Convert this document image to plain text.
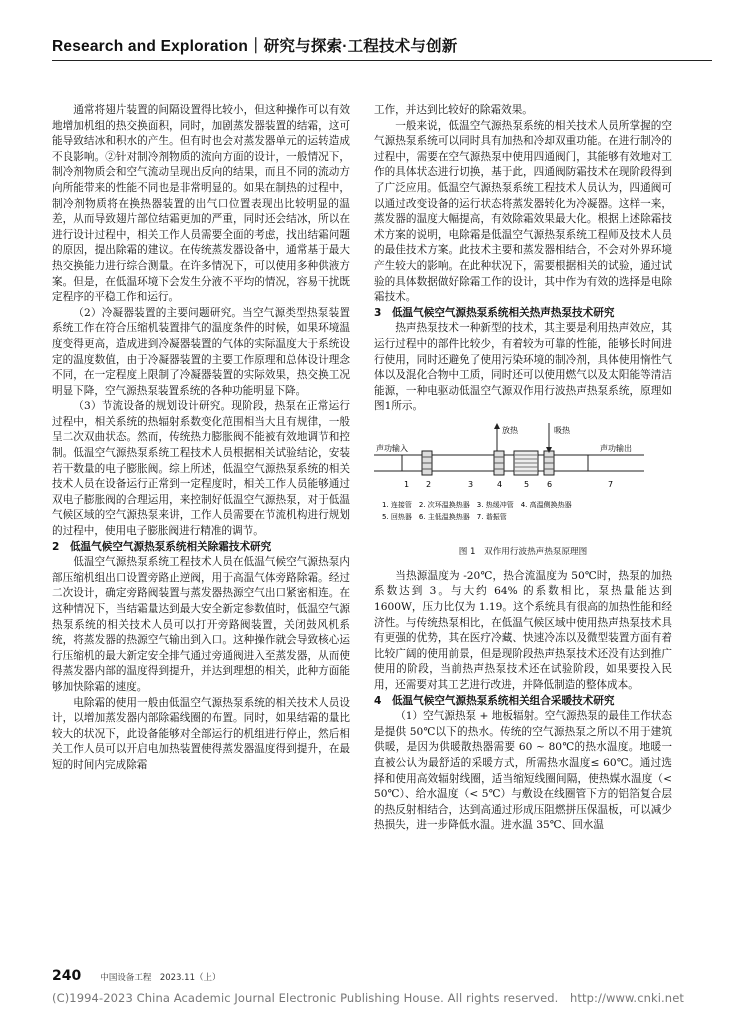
Research and Exploration｜研究与探索·工程技术与创新

通常将翅片装置的间隔设置得比较小，但这种操作可以有效地增加机组的热交换面积，同时，加剧蒸发器装置的结霜，这可能导致结冰和积水的产生。但有时也会对蒸发器单元的运转造成不良影响。②针对制冷剂物质的流向方面的设计，一般情况下，制冷剂物质会和空气流动呈现出反向的结果，而且不同的流动方向所能带来的性能不同也是非常明显的。如果在制热的过程中，制冷剂物质将在换热器装置的出气口位置表现出比较明显的温差，从而导致翅片部位结霜更加的严重，同时还会结冰，所以在进行设计过程中，相关工作人员需要全面的考虑，找出结霜问题的原因，提出除霜的建议。在传统蒸发器设备中，通常基于最大热交换能力进行综合测量。在许多情况下，可以使用多种供液方案。但是，在低温环境下会发生分液不平均的情况，容易干扰既定程序的平稳工作和运行。

（2）冷凝器装置的主要问题研究。当空气源类型热泵装置系统工作在符合压缩机装置排气的温度条件的时候，如果环境温度变得更高，造成进到冷凝器装置的气体的实际温度大于系统设定的温度数值，由于冷凝器装置的主要工作原理和总体设计理念不同，在一定程度上限制了冷凝器装置的实际效果，热交换工况明显下降，空气源热泵装置系统的各种功能明显下降。

（3）节流设备的规划设计研究。现阶段，热泵在正常运行过程中，相关系统的热辐射系数变化范围相当大且有规律，一般呈二次双曲状态。然而，传统热力膨胀阀不能被有效地调节和控制。低温空气源热泵系统工程技术人员根据相关试验结论，安装若干数量的电子膨胀阀。综上所述，低温空气源热泵系统的相关技术人员在设备运行正常到一定程度时，相关工作人员能够通过双电子膨胀阀的合理运用，来控制好低温空气源热泵，对于低温气候区域的空气源热泵来讲，工作人员需要在节流机构进行规划的过程中，使用电子膨胀阀进行精准的调节。

2　低温气候空气源热泵系统相关除霜技术研究

低温空气源热泵系统工程技术人员在低温气候空气源热泵内部压缩机组出口设置旁路止逆阀，用于高温气体旁路除霜。经过二次设计，确定旁路阀装置与蒸发器热源空气出口紧密相连。在这种情况下，当结霜量达到最大安全新定参数值时，低温空气源热泵系统的相关技术人员可以打开旁路阀装置，关闭鼓风机系统，将蒸发器的热源空气输出到入口。这种操作就会导致核心运行压缩机的最大新定安全排气通过旁通阀进入至蒸发器，从而使得蒸发器内部的温度得到提升，并达到理想的相关，此种方面能够加快除霜的速度。

电除霜的使用一般由低温空气源热泵系统的相关技术人员设计，以增加蒸发器内部除霜线圈的布置。同时，如果结霜的量比较大的状况下，此设备能够对全部运行的机组进行停止，然后相关工作人员可以开启电加热装置使得蒸发器温度得到提升，在最短的时间内完成除霜

工作，并达到比较好的除霜效果。

一般来说，低温空气源热泵系统的相关技术人员所掌握的空气源热泵系统可以同时具有加热和冷却双重功能。在进行制冷的过程中，需要在空气源热泵中使用四通阀门，其能够有效地对工作的具体状态进行切换，基于此，四通阀防霜技术在现阶段得到了广泛应用。低温空气源热泵系统工程技术人员认为，四通阀可以通过改变设备的运行状态将蒸发器转化为冷凝器。这样一来，蒸发器的温度大幅提高，有效除霜效果最大化。根据上述除霜技术方案的说明，电除霜是低温空气源热泵系统工程师及技术人员的最佳技术方案。此技术主要和蒸发器相结合，不会对外界环境产生较大的影响。在此种状况下，需要根据相关的试验，通过试验的具体数据做好除霜工作的设计，其中作为有效的选择是电除霜技术。

3　低温气候空气源热泵系统相关热声热泵技术研究

热声热泵技术一种新型的技术，其主要是利用热声效应，其运行过程中的部件比较少，有着较为可靠的性能，能够长时间进行使用，同时还避免了使用污染环境的制冷剂，具体使用惰性气体以及混化合物中工质，同时还可以使用燃气以及太阳能等清洁能源，一种电驱动低温空气源双作用行波热声热泵系统，原理如图1所示。

放热	吸热
声功输入	声功输出
1 2	3	4	5 6	7
1. 连接管　2. 次环温换热器　3. 热缓冲管　4. 高温侧换热器
5. 回热器　6. 主低温换热器　7. 谐振管
图 1　双作用行波热声热泵原理图

当热源温度为 -20℃，热合流温度为 50℃时，热泵的加热系数达到 3。与大约 64% 的系数相比，泵热量能达到 1600W，压力比仅为 1.19。这个系统具有很高的加热性能和经济性。与传统热泵相比，在低温气候区域中使用热声热泵技术具有更强的优势，其在医疗冷藏、快速冷冻以及微型装置方面有着比较广阔的使用前景，但是现阶段热声热泵技术还没有达到推广使用的阶段，当前热声热泵技术还在试验阶段，如果要投入民用，还需要对其工艺进行改进，并降低制造的整体成本。

4　低温气候空气源热泵系统相关组合采暖技术研究

（1）空气源热泵 + 地板辐射。空气源热泵的最佳工作状态是提供 50℃以下的热水。传统的空气源热泵之所以不用于建筑供暖，是因为供暖散热器需要 60 ~ 80℃的热水温度。地暖一直被公认为最舒适的采暖方式，所需热水温度≤ 60℃。通过选择和使用高效辐射线圈，适当缩短线圈间隔，使热媒水温度（< 50℃）、给水温度（< 5℃）与敷设在线圈管下方的铝箔复合层的热反射相结合，达到高通过形成压阻燃拼压保温板，可以减少热损失，进一步降低水温。进水温 35℃、回水温

240 中国设备工程　2023.11（上）
(C)1994-2023 China Academic Journal Electronic Publishing House. All rights reserved.　http://www.cnki.net
